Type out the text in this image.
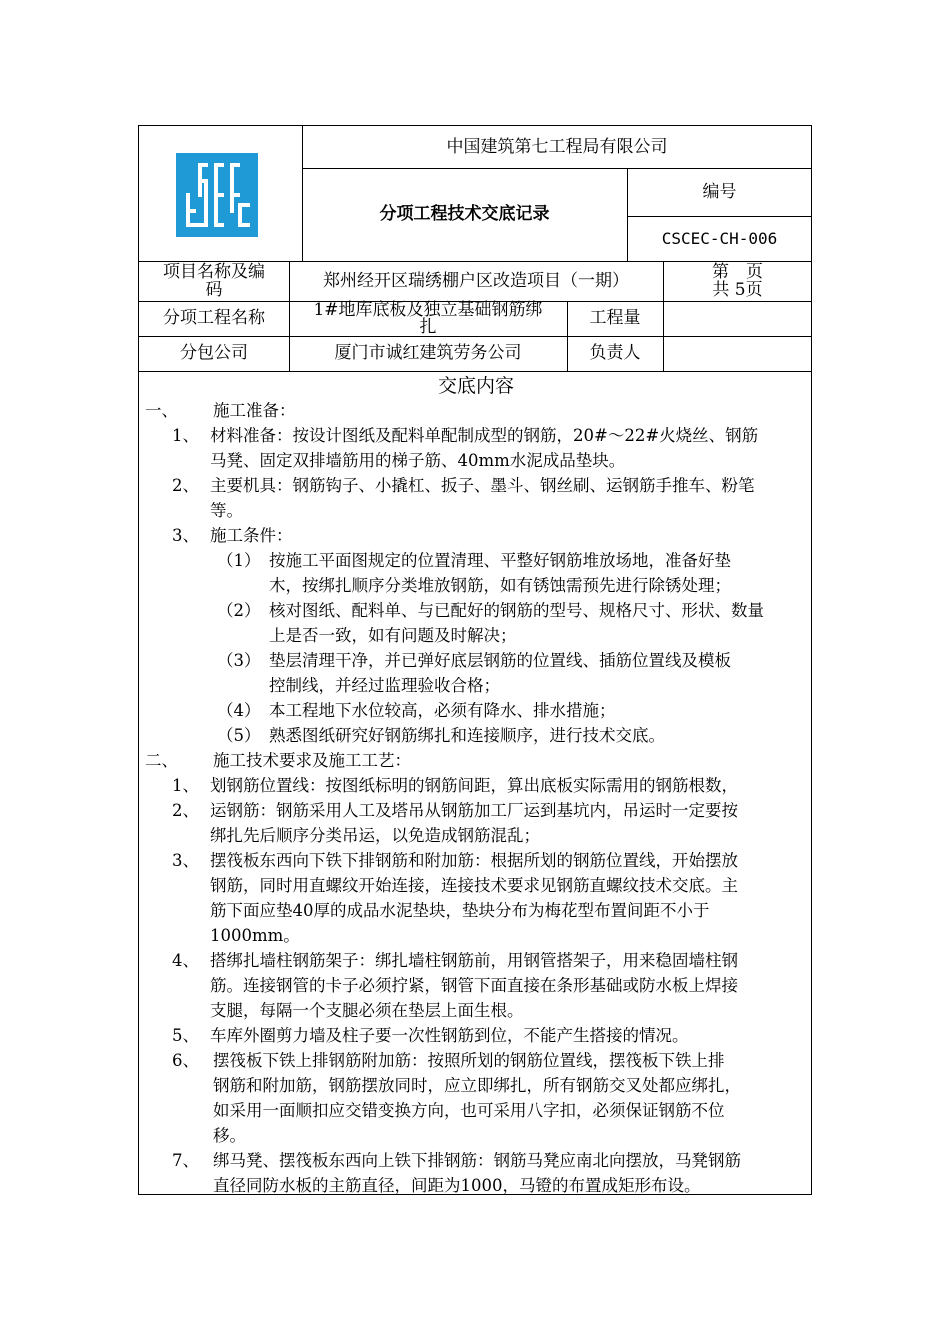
中国建筑第七工程局有限公司
分项工程技术交底记录
编号
CSCEC-CH-006
项目名称及编
码	郑州经开区瑞绣棚户区改造项目（一期）	第　页
共 5页
分项工程名称	1#地库底板及独立基础钢筋绑
扎	工程量
分包公司	厦门市诚红建筑劳务公司	负责人
交底内容
一、 施工准备：
1、 材料准备：按设计图纸及配料单配制成型的钢筋，20#～22#火烧丝、钢筋
马凳、固定双排墙筋用的梯子筋、40mm水泥成品垫块。
2、 主要机具：钢筋钩子、小撬杠、扳子、墨斗、钢丝刷、运钢筋手推车、粉笔
等。
3、 施工条件：
（1） 按施工平面图规定的位置清理、平整好钢筋堆放场地，准备好垫
木，按绑扎顺序分类堆放钢筋，如有锈蚀需预先进行除锈处理；
（2） 核对图纸、配料单、与已配好的钢筋的型号、规格尺寸、形状、数量
上是否一致，如有问题及时解决；
（3） 垫层清理干净，并已弹好底层钢筋的位置线、插筋位置线及模板
控制线，并经过监理验收合格；
（4） 本工程地下水位较高，必须有降水、排水措施；
（5） 熟悉图纸研究好钢筋绑扎和连接顺序，进行技术交底。
二、 施工技术要求及施工工艺：
1、 划钢筋位置线：按图纸标明的钢筋间距，算出底板实际需用的钢筋根数，
2、 运钢筋：钢筋采用人工及塔吊从钢筋加工厂运到基坑内，吊运时一定要按
绑扎先后顺序分类吊运，以免造成钢筋混乱；
3、 摆筏板东西向下铁下排钢筋和附加筋：根据所划的钢筋位置线，开始摆放
钢筋，同时用直螺纹开始连接，连接技术要求见钢筋直螺纹技术交底。主
筋下面应垫40厚的成品水泥垫块，垫块分布为梅花型布置间距不小于
1000mm。
4、 搭绑扎墙柱钢筋架子：绑扎墙柱钢筋前，用钢管搭架子，用来稳固墙柱钢
筋。连接钢管的卡子必须拧紧，钢管下面直接在条形基础或防水板上焊接
支腿，每隔一个支腿必须在垫层上面生根。
5、 车库外圈剪力墙及柱子要一次性钢筋到位，不能产生搭接的情况。
6、 摆筏板下铁上排钢筋附加筋：按照所划的钢筋位置线，摆筏板下铁上排
钢筋和附加筋，钢筋摆放同时，应立即绑扎，所有钢筋交叉处都应绑扎，
如采用一面顺扣应交错变换方向，也可采用八字扣，必须保证钢筋不位
移。
7、 绑马凳、摆筏板东西向上铁下排钢筋：钢筋马凳应南北向摆放，马凳钢筋
直径同防水板的主筋直径，间距为1000，马镫的布置成矩形布设。
